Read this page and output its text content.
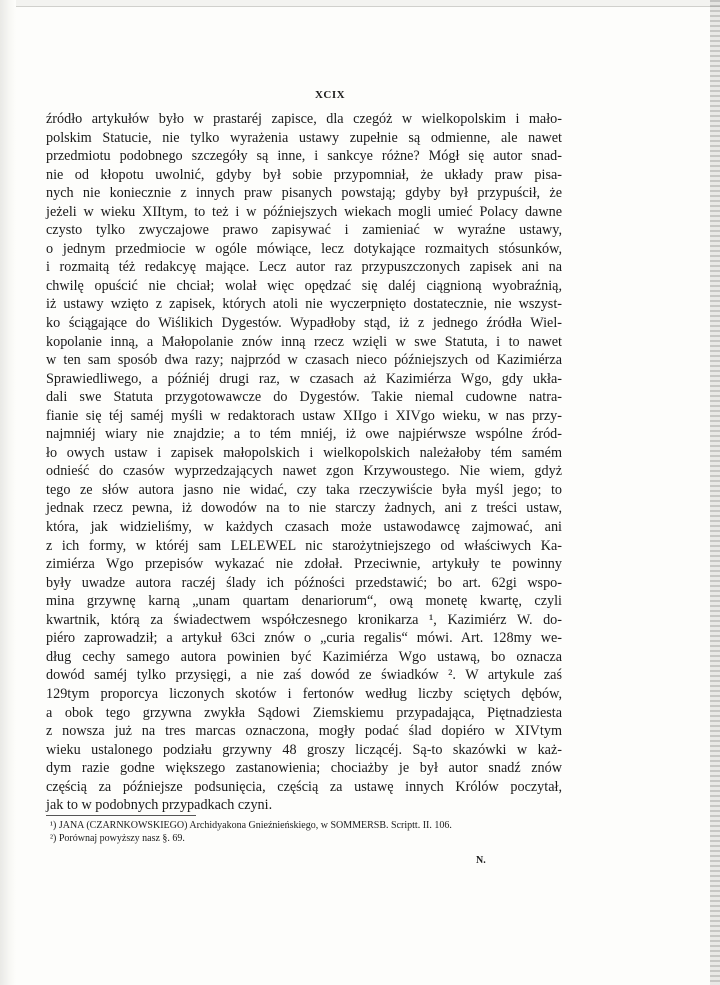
XCIX
źródło artykułów było w prastaréj zapisce, dla czegóż w wielkopolskim i mało-
polskim Statucie, nie tylko wyrażenia ustawy zupełnie są odmienne, ale nawet
przedmiotu podobnego szczegóły są inne, i sankcye różne? Mógł się autor snad-
nie od kłopotu uwolnić, gdyby był sobie przypomniał, że układy praw pisa-
nych nie koniecznie z innych praw pisanych powstają; gdyby był przypuścił, że
jeżeli w wieku XIItym, to też i w późniejszych wiekach mogli umieć Polacy dawne
czysto tylko zwyczajowe prawo zapisywać i zamieniać w wyraźne ustawy,
o jednym przedmiocie w ogóle mówiące, lecz dotykające rozmaitych stósunków,
i rozmaitą téż redakcyę mające. Lecz autor raz przypuszczonych zapisek ani na
chwilę opuścić nie chciał; wolał więc opędzać się daléj ciągnioną wyobraźnią,
iż ustawy wzięto z zapisek, których atoli nie wyczerpnięto dostatecznie, nie wszyst-
ko ściągające do Wiślikich Dygestów. Wypadłoby stąd, iż z jednego źródła Wiel-
kopolanie inną, a Małopolanie znów inną rzecz wzięli w swe Statuta, i to nawet
w ten sam sposób dwa razy; najprzód w czasach nieco późniejszych od Kazimiérza
Sprawiedliwego, a późniéj drugi raz, w czasach aż Kazimiérza Wgo, gdy ukła-
dali swe Statuta przygotowawcze do Dygestów. Takie niemal cudowne natra-
fianie się téj saméj myśli w redaktorach ustaw XIIgo i XIVgo wieku, w nas przy-
najmniéj wiary nie znajdzie; a to tém mniéj, iż owe najpiérwsze wspólne źród-
ło owych ustaw i zapisek małopolskich i wielkopolskich należałoby tém samém
odnieść do czasów wyprzedzających nawet zgon Krzywoustego. Nie wiem, gdyż
tego ze słów autora jasno nie widać, czy taka rzeczywiście była myśl jego; to
jednak rzecz pewna, iż dowodów na to nie starczy żadnych, ani z treści ustaw,
która, jak widzieliśmy, w każdych czasach może ustawodawcę zajmować, ani
z ich formy, w któréj sam LELEWEL nic starożytniejszego od właściwych Ka-
zimiérza Wgo przepisów wykazać nie zdołał. Przeciwnie, artykuły te powinny
były uwadze autora raczéj ślady ich późności przedstawić; bo art. 62gi wspo-
mina grzywnę karną „unam quartam denariorum“, ową monetę kwartę, czyli
kwartnik, którą za świadectwem współczesnego kronikarza ¹, Kazimiérz W. do-
piéro zaprowadził; a artykuł 63ci znów o „curia regalis“ mówi. Art. 128my we-
dług cechy samego autora powinien być Kazimiérza Wgo ustawą, bo oznacza
dowód saméj tylko przysięgi, a nie zaś dowód ze świadków ². W artykule zaś
129tym proporcya liczonych skotów i fertonów według liczby sciętych dębów,
a obok tego grzywna zwykła Sądowi Ziemskiemu przypadająca, Piętnadziesta
z nowsza już na tres marcas oznaczona, mogły podać ślad dopiéro w XIVtym
wieku ustalonego podziału grzywny 48 groszy liczącéj. Są-to skazówki w każ-
dym razie godne większego zastanowienia; chociażby je był autor snadź znów
częścią za późniejsze podsunięcia, częścią za ustawę innych Królów poczytał,
jak to w podobnych przypadkach czyni.
¹) JANA (CZARNKOWSKIEGO) Archidyakona Gnieźnieńskiego, w SOMMERSB. Scriptt. II. 106.
²) Porównaj powyższy nasz §. 69.
N.
